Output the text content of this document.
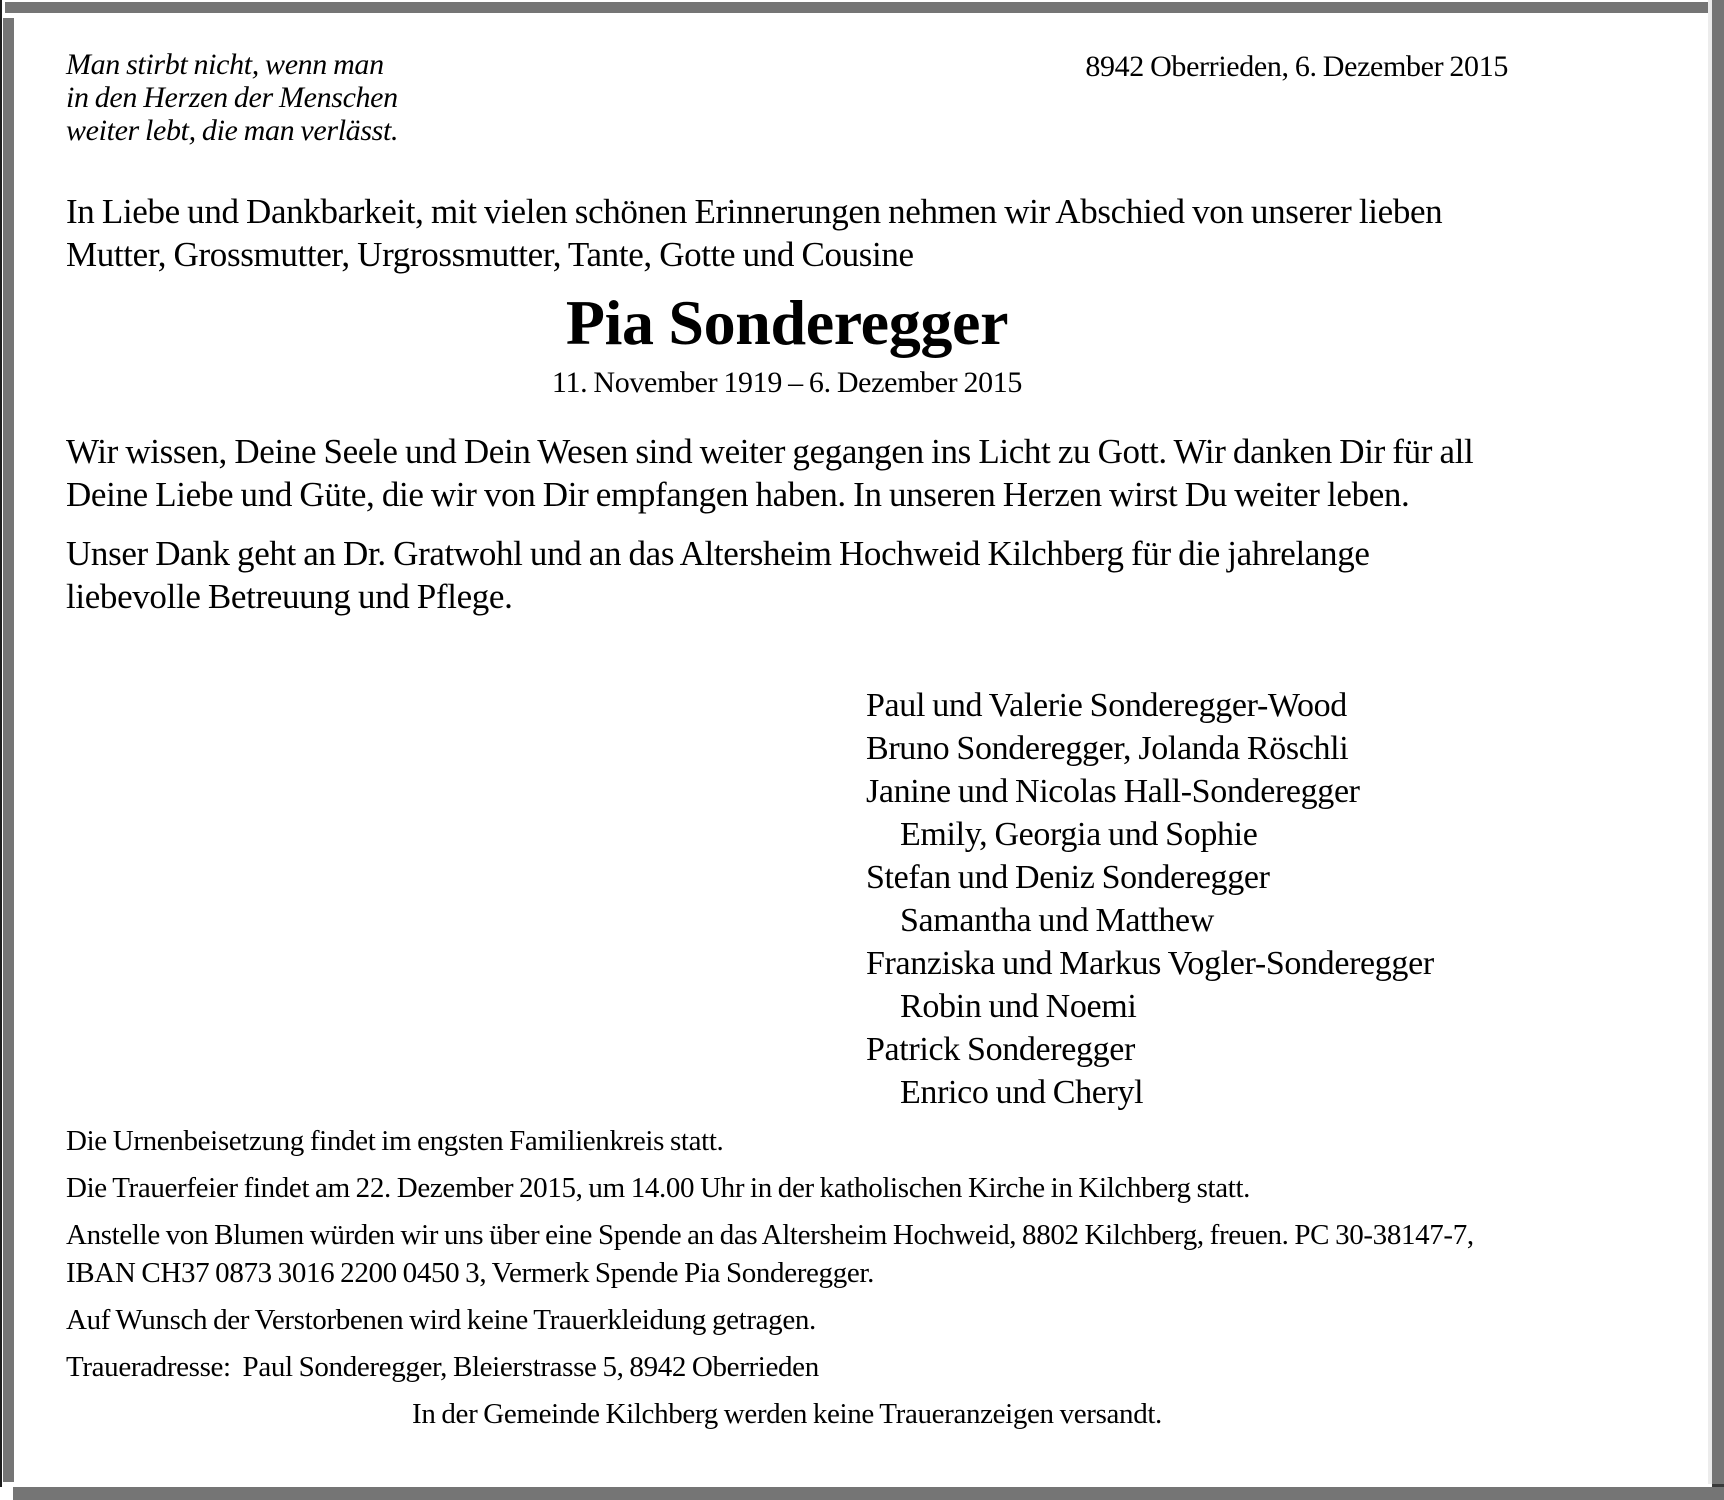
Man stirbt nicht, wenn man
in den Herzen der Menschen
weiter lebt, die man verlässt.
8942 Oberrieden, 6. Dezember 2015

In Liebe und Dankbarkeit, mit vielen schönen Erinnerungen nehmen wir Abschied von unserer lieben Mutter, Grossmutter, Urgrossmutter, Tante, Gotte und Cousine

Pia Sonderegger
11. November 1919 – 6. Dezember 2015

Wir wissen, Deine Seele und Dein Wesen sind weiter gegangen ins Licht zu Gott. Wir danken Dir für all Deine Liebe und Güte, die wir von Dir empfangen haben. In unseren Herzen wirst Du weiter leben.

Unser Dank geht an Dr. Gratwohl und an das Altersheim Hochweid Kilchberg für die jahrelange liebevolle Betreuung und Pflege.

Paul und Valerie Sonderegger-Wood
Bruno Sonderegger, Jolanda Röschli
Janine und Nicolas Hall-Sonderegger
Emily, Georgia und Sophie
Stefan und Deniz Sonderegger
Samantha und Matthew
Franziska und Markus Vogler-Sonderegger
Robin und Noemi
Patrick Sonderegger
Enrico und Cheryl

Die Urnenbeisetzung findet im engsten Familienkreis statt.

Die Trauerfeier findet am 22. Dezember 2015, um 14.00 Uhr in der katholischen Kirche in Kilchberg statt.

Anstelle von Blumen würden wir uns über eine Spende an das Altersheim Hochweid, 8802 Kilchberg, freuen. PC 30-38147-7, IBAN CH37 0873 3016 2200 0450 3, Vermerk Spende Pia Sonderegger.

Auf Wunsch der Verstorbenen wird keine Trauerkleidung getragen.

Traueradresse:  Paul Sonderegger, Bleierstrasse 5, 8942 Oberrieden

In der Gemeinde Kilchberg werden keine Traueranzeigen versandt.
